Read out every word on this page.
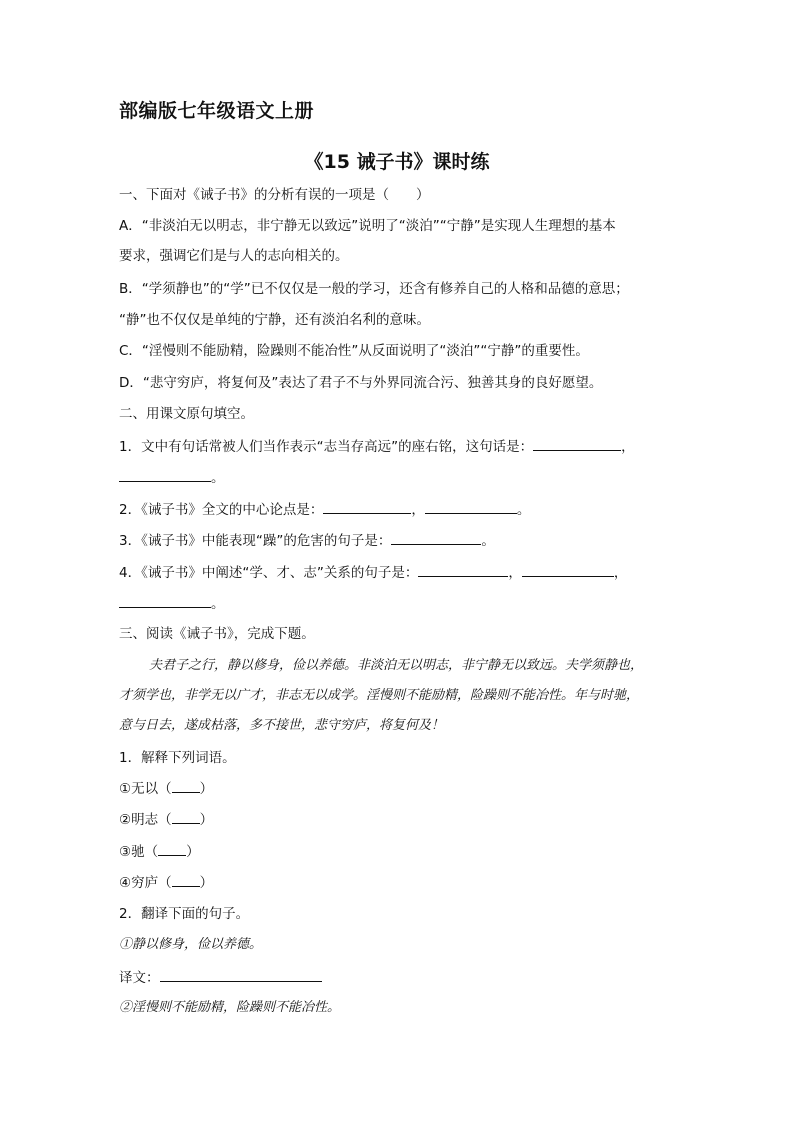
部编版七年级语文上册
《15 诫子书》课时练
一、下面对《诫子书》的分析有误的一项是（　　）
A．“非淡泊无以明志，非宁静无以致远”说明了“淡泊”“宁静”是实现人生理想的基本
要求，强调它们是与人的志向相关的。
B．“学须静也”的“学”已不仅仅是一般的学习，还含有修养自己的人格和品德的意思；
“静”也不仅仅是单纯的宁静，还有淡泊名利的意味。
C．“淫慢则不能励精，险躁则不能冶性”从反面说明了“淡泊”“宁静”的重要性。
D．“悲守穷庐，将复何及”表达了君子不与外界同流合污、独善其身的良好愿望。
二、用课文原句填空。
1．文中有句话常被人们当作表示“志当存高远”的座右铭，这句话是：	，
。
2．《诫子书》全文的中心论点是：	，	。
3．《诫子书》中能表现“躁”的危害的句子是：	。
4．《诫子书》中阐述“学、才、志”关系的句子是：	，	，
。
三、阅读《诫子书》，完成下题。
夫君子之行，静以修身，俭以养德。非淡泊无以明志，非宁静无以致远。夫学须静也，
才须学也，非学无以广才，非志无以成学。淫慢则不能励精，险躁则不能冶性。年与时驰，
意与日去，遂成枯落，多不接世，悲守穷庐，将复何及！
1．解释下列词语。
①无以（ ）
②明志（ ）
③驰（ ）
④穷庐（ ）
2．翻译下面的句子。
①静以修身，俭以养德。
译文：
②淫慢则不能励精，险躁则不能冶性。
